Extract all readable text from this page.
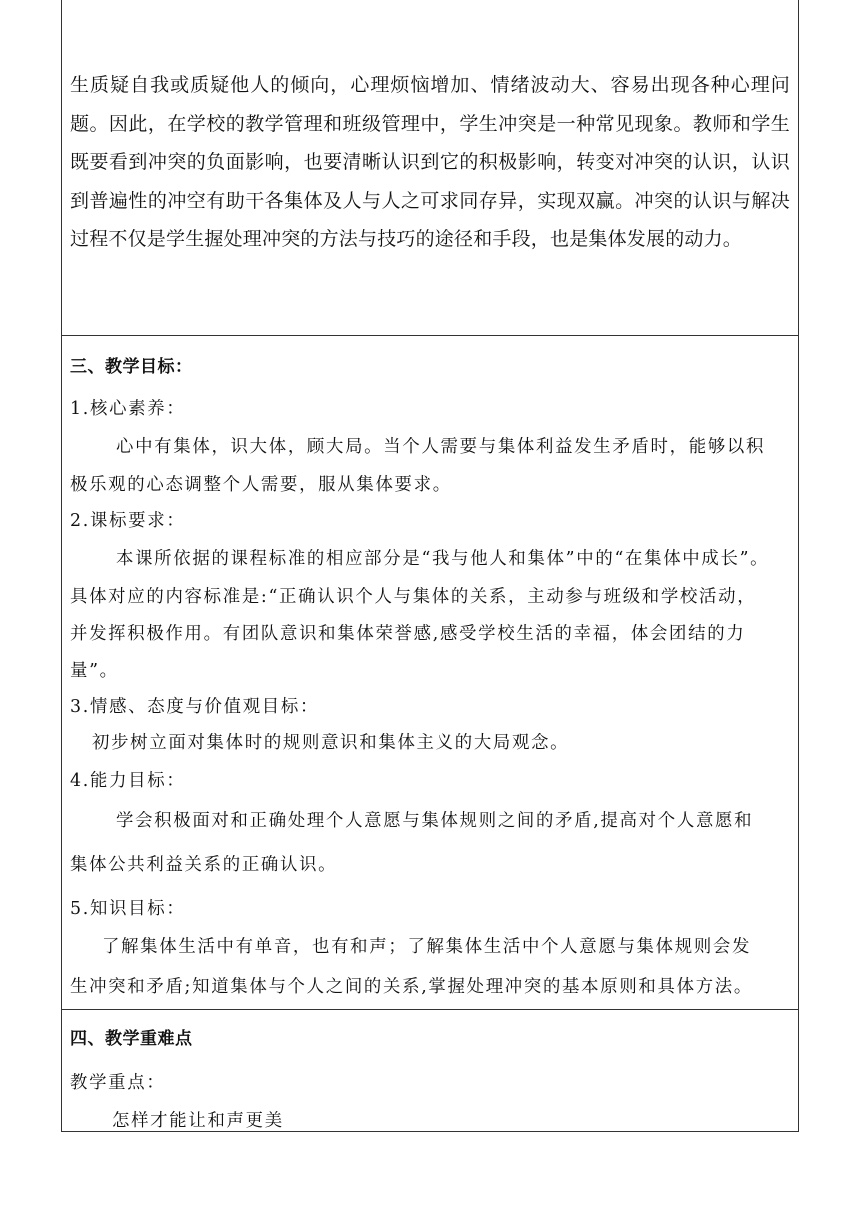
生质疑自我或质疑他人的倾向，心理烦恼增加、情绪波动大、容易出现各种心理问题。因此，在学校的教学管理和班级管理中，学生冲突是一种常见现象。教师和学生既要看到冲突的负面影响，也要清晰认识到它的积极影响，转变对冲突的认识，认识到普遍性的冲空有助干各集体及人与人之可求同存异，实现双赢。冲突的认识与解决过程不仅是学生握处理冲突的方法与技巧的途径和手段，也是集体发展的动力。

三、教学目标：
1.核心素养：
心中有集体，识大体，顾大局。当个人需要与集体利益发生矛盾时，能够以积
极乐观的心态调整个人需要，服从集体要求。
2.课标要求：
本课所依据的课程标准的相应部分是“我与他人和集体”中的“在集体中成长”。
具体对应的内容标准是:“正确认识个人与集体的关系，主动参与班级和学校活动，
并发挥积极作用。有团队意识和集体荣誉感,感受学校生活的幸福，体会团结的力
量”。
3.情感、态度与价值观目标：
初步树立面对集体时的规则意识和集体主义的大局观念。
4.能力目标：
学会积极面对和正确处理个人意愿与集体规则之间的矛盾,提高对个人意愿和
集体公共利益关系的正确认识。
5.知识目标：
了解集体生活中有单音，也有和声；了解集体生活中个人意愿与集体规则会发
生冲突和矛盾;知道集体与个人之间的关系,掌握处理冲突的基本原则和具体方法。
四、教学重难点
教学重点：
怎样才能让和声更美
